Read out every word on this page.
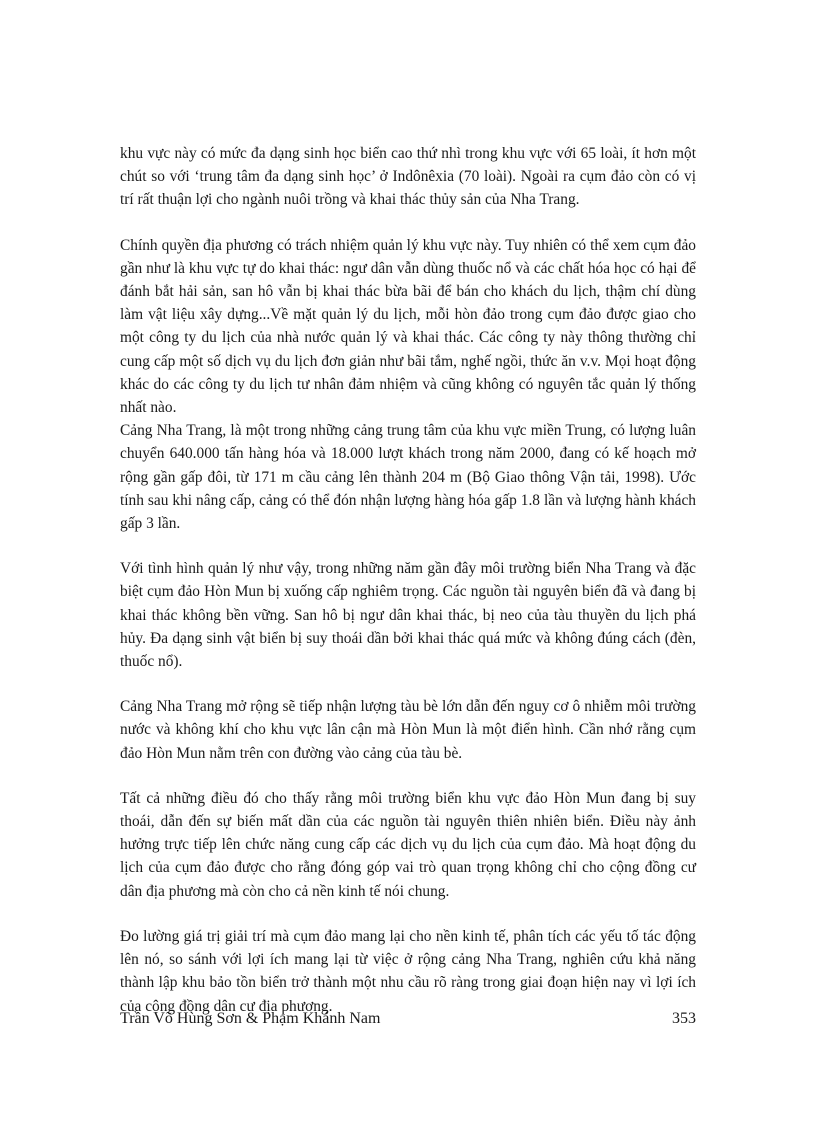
khu vực này có mức đa dạng sinh học biển cao thứ nhì trong khu vực với 65 loài, ít hơn một chút so với ‘trung tâm đa dạng sinh học’ ở Indônêxia (70 loài). Ngoài ra cụm đảo còn có vị trí rất thuận lợi cho ngành nuôi trồng và khai thác thủy sản của Nha Trang.

Chính quyền địa phương có trách nhiệm quản lý khu vực này. Tuy nhiên có thể xem cụm đảo gần như là khu vực tự do khai thác: ngư dân vẫn dùng thuốc nổ và các chất hóa học có hại để đánh bắt hải sản, san hô vẫn bị khai thác bừa bãi để bán cho khách du lịch, thậm chí dùng làm vật liệu xây dựng...Về mặt quản lý du lịch, mỗi hòn đảo trong cụm đảo được giao cho một công ty du lịch của nhà nước quản lý và khai thác. Các công ty này thông thường chỉ cung cấp một số dịch vụ du lịch đơn giản như bãi tắm, nghế ngồi, thức ăn v.v. Mọi hoạt động khác do các công ty du lịch tư nhân đảm nhiệm và cũng không có nguyên tắc quản lý thống nhất nào.

Cảng Nha Trang, là một trong những cảng trung tâm của khu vực miền Trung, có lượng luân chuyển 640.000 tấn hàng hóa và 18.000 lượt khách trong năm 2000, đang có kế hoạch mở rộng gần gấp đôi, từ 171 m cầu cảng lên thành 204 m (Bộ Giao thông Vận tải, 1998). Ước tính sau khi nâng cấp, cảng có thể đón nhận lượng hàng hóa gấp 1.8 lần và lượng hành khách gấp 3 lần.

Với tình hình quản lý như vậy, trong những năm gần đây môi trường biển Nha Trang và đặc biệt cụm đảo Hòn Mun bị xuống cấp nghiêm trọng. Các nguồn tài nguyên biển đã và đang bị khai thác không bền vững. San hô bị ngư dân khai thác, bị neo của tàu thuyền du lịch phá hủy. Đa dạng sinh vật biển bị suy thoái dần bởi khai thác quá mức và không đúng cách (đèn, thuốc nổ).

Cảng Nha Trang mở rộng sẽ tiếp nhận lượng tàu bè lớn dẫn đến nguy cơ ô nhiễm môi trường nước và không khí cho khu vực lân cận mà Hòn Mun là một điển hình. Cần nhớ rằng cụm đảo Hòn Mun nằm trên con đường vào cảng của tàu bè.

Tất cả những điều đó cho thấy rằng môi trường biển khu vực đảo Hòn Mun đang bị suy thoái, dẫn đến sự biến mất dần của các nguồn tài nguyên thiên nhiên biển. Điều này ảnh hưởng trực tiếp lên chức năng cung cấp các dịch vụ du lịch của cụm đảo. Mà hoạt động du lịch của cụm đảo được cho rằng đóng góp vai trò quan trọng không chỉ cho cộng đồng cư dân địa phương mà còn cho cả nền kinh tế nói chung.

Đo lường giá trị giải trí mà cụm đảo mang lại cho nền kinh tế, phân tích các yếu tố tác động lên nó, so sánh với lợi ích mang lại từ việc ở rộng cảng Nha Trang, nghiên cứu khả năng thành lập khu bảo tồn biển trở thành một nhu cầu rõ ràng trong giai đoạn hiện nay vì lợi ích của cộng đồng dân cư địa phương.

Trần Võ Hùng Sơn & Phạm Khánh Nam	353
